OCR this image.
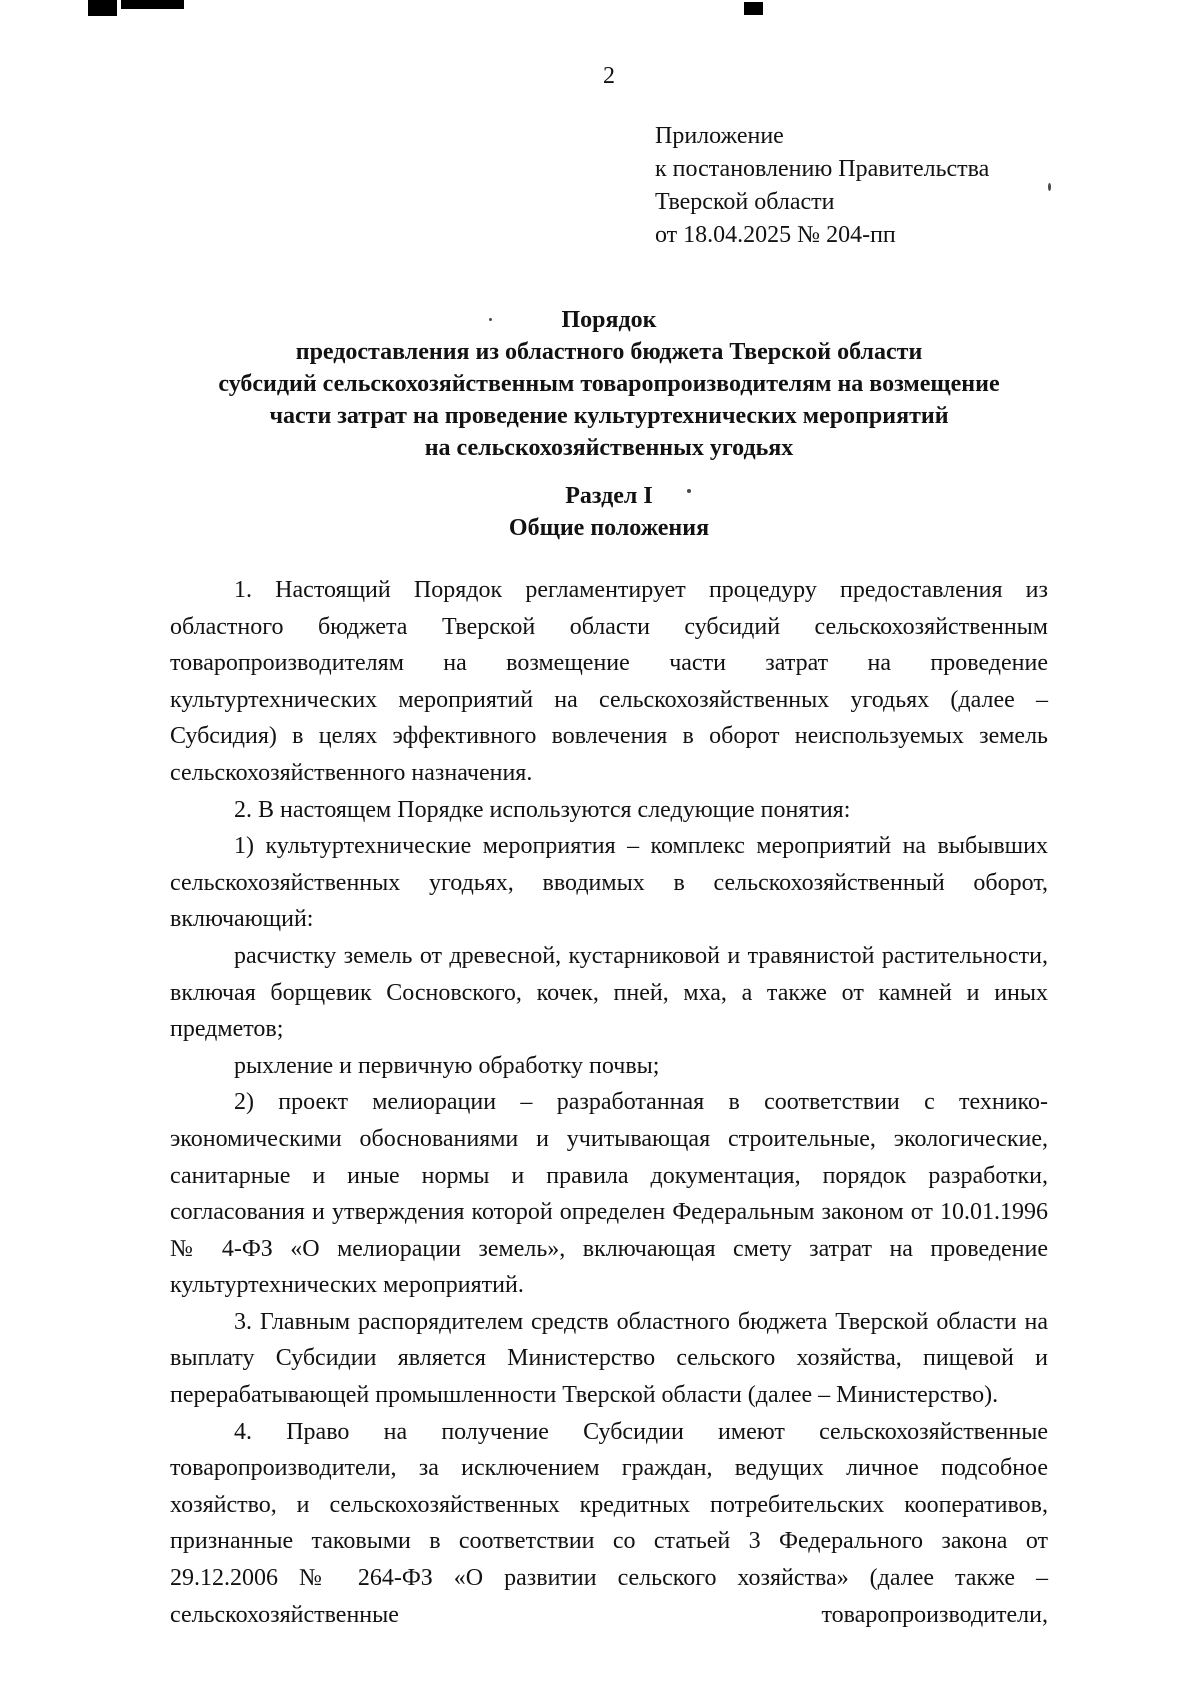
2
Приложение
к постановлению Правительства
Тверской области
от 18.04.2025 № 204-пп
Порядок
предоставления из областного бюджета Тверской области
субсидий сельскохозяйственным товаропроизводителям на возмещение
части затрат на проведение культуртехнических мероприятий
на сельскохозяйственных угодьях
Раздел I
Общие положения

1. Настоящий Порядок регламентирует процедуру предоставления из областного бюджета Тверской области субсидий сельскохозяйственным товаропроизводителям на возмещение части затрат на проведение культуртехнических мероприятий на сельскохозяйственных угодьях (далее – Субсидия) в целях эффективного вовлечения в оборот неиспользуемых земель сельскохозяйственного назначения.

2. В настоящем Порядке используются следующие понятия:

1) культуртехнические мероприятия – комплекс мероприятий на выбывших сельскохозяйственных угодьях, вводимых в сельскохозяйственный оборот, включающий:

расчистку земель от древесной, кустарниковой и травянистой растительности, включая борщевик Сосновского, кочек, пней, мха, а также от камней и иных предметов;

рыхление и первичную обработку почвы;

2) проект мелиорации – разработанная в соответствии с технико-экономическими обоснованиями и учитывающая строительные, экологические, санитарные и иные нормы и правила документация, порядок разработки, согласования и утверждения которой определен Федеральным законом от 10.01.1996 № 4-ФЗ «О мелиорации земель», включающая смету затрат на проведение культуртехнических мероприятий.

3. Главным распорядителем средств областного бюджета Тверской области на выплату Субсидии является Министерство сельского хозяйства, пищевой и перерабатывающей промышленности Тверской области (далее – Министерство).

4. Право на получение Субсидии имеют сельскохозяйственные товаропроизводители, за исключением граждан, ведущих личное подсобное хозяйство, и сельскохозяйственных кредитных потребительских кооперативов, признанные таковыми в соответствии со статьей 3 Федерального закона от 29.12.2006 № 264-ФЗ «О развитии сельского хозяйства» (далее также – сельскохозяйственные товаропроизводители,
